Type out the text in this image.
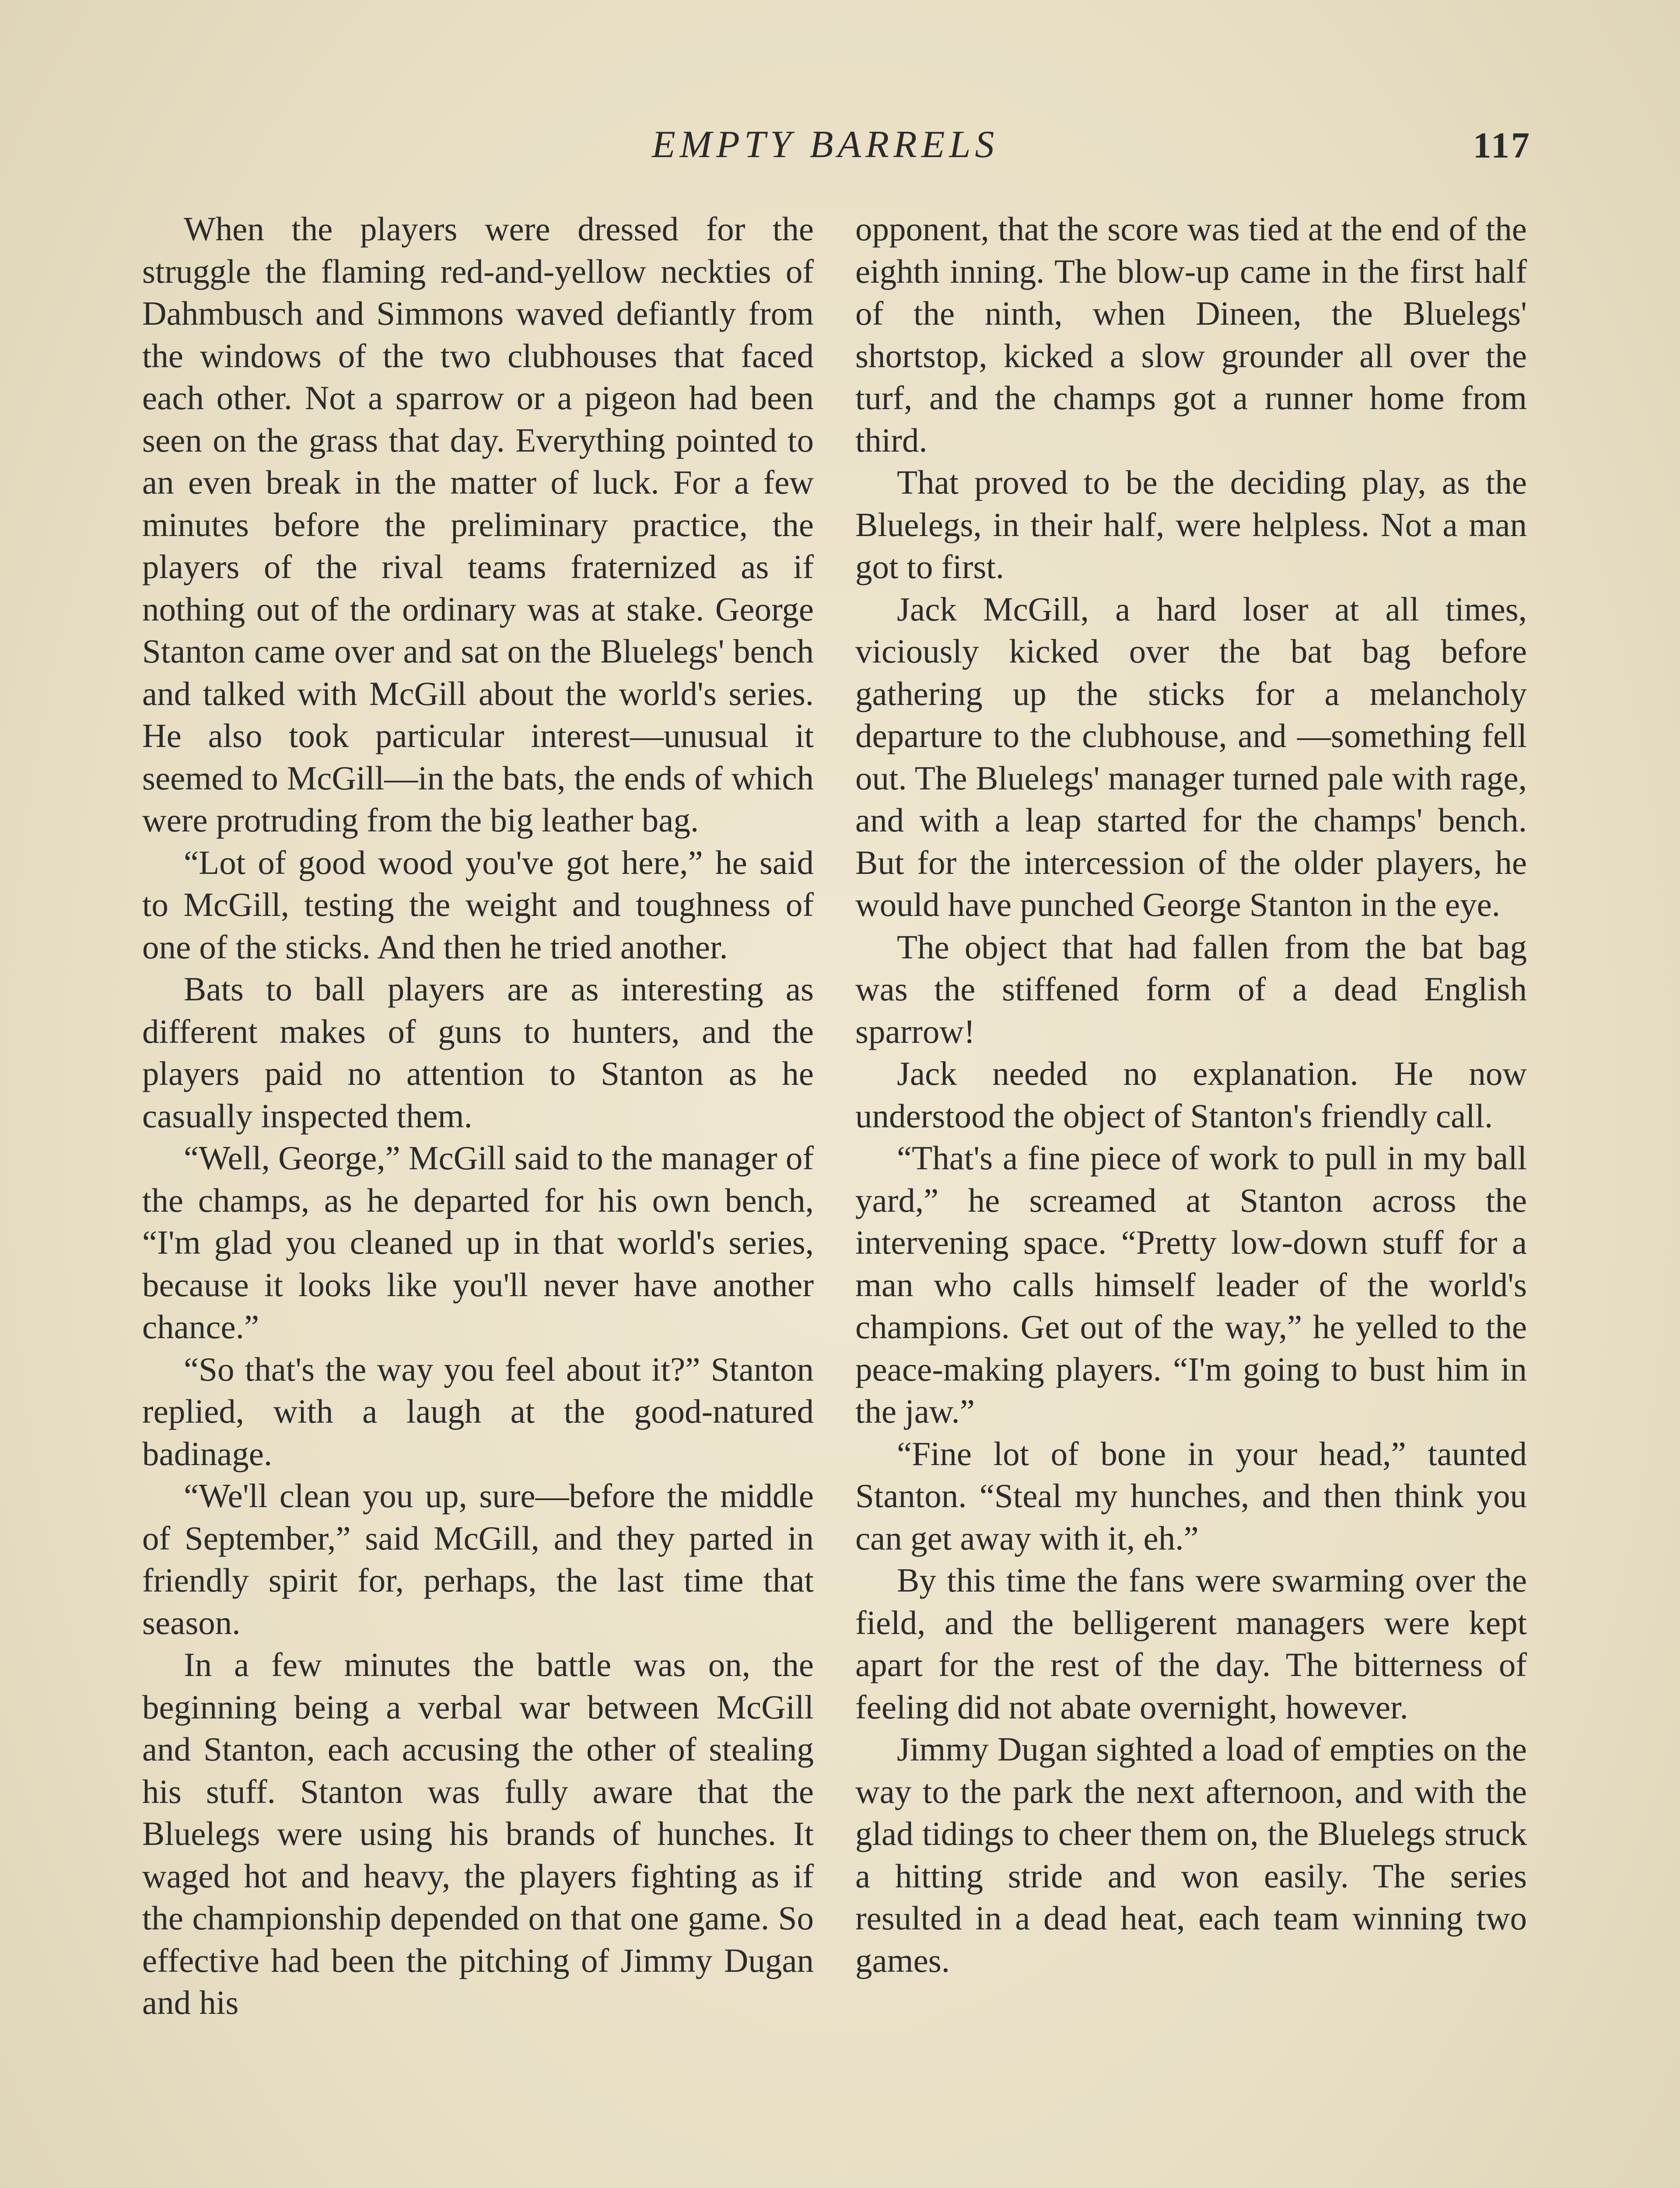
EMPTY BARRELS	117

When the players were dressed for the struggle the flaming red-and-yellow neckties of Dahmbusch and Simmons waved defiantly from the windows of the two clubhouses that faced each other. Not a sparrow or a pigeon had been seen on the grass that day. Everything pointed to an even break in the matter of luck. For a few minutes before the preliminary practice, the players of the rival teams fraternized as if nothing out of the ordinary was at stake. George Stanton came over and sat on the Bluelegs' bench and talked with McGill about the world's series. He also took particular interest—unusual it seemed to McGill—in the bats, the ends of which were protruding from the big leather bag.

“Lot of good wood you've got here,” he said to McGill, testing the weight and toughness of one of the sticks. And then he tried another.

Bats to ball players are as interesting as different makes of guns to hunters, and the players paid no attention to Stanton as he casually inspected them.

“Well, George,” McGill said to the manager of the champs, as he departed for his own bench, “I'm glad you cleaned up in that world's series, because it looks like you'll never have another chance.”

“So that's the way you feel about it?” Stanton replied, with a laugh at the good-natured badinage.

“We'll clean you up, sure—before the middle of September,” said McGill, and they parted in friendly spirit for, perhaps, the last time that season.

In a few minutes the battle was on, the beginning being a verbal war between McGill and Stanton, each accusing the other of stealing his stuff. Stanton was fully aware that the Bluelegs were using his brands of hunches. It waged hot and heavy, the players fighting as if the championship depended on that one game. So effective had been the pitching of Jimmy Dugan and his

opponent, that the score was tied at the end of the eighth inning. The blow-up came in the first half of the ninth, when Dineen, the Bluelegs' shortstop, kicked a slow grounder all over the turf, and the champs got a runner home from third.

That proved to be the deciding play, as the Bluelegs, in their half, were helpless. Not a man got to first.

Jack McGill, a hard loser at all times, viciously kicked over the bat bag before gathering up the sticks for a melancholy departure to the clubhouse, and —something fell out. The Bluelegs' manager turned pale with rage, and with a leap started for the champs' bench. But for the intercession of the older players, he would have punched George Stanton in the eye.

The object that had fallen from the bat bag was the stiffened form of a dead English sparrow!

Jack needed no explanation. He now understood the object of Stanton's friendly call.

“That's a fine piece of work to pull in my ball yard,” he screamed at Stanton across the intervening space. “Pretty low-down stuff for a man who calls himself leader of the world's champions. Get out of the way,” he yelled to the peace-making players. “I'm going to bust him in the jaw.”

“Fine lot of bone in your head,” taunted Stanton. “Steal my hunches, and then think you can get away with it, eh.”

By this time the fans were swarming over the field, and the belligerent managers were kept apart for the rest of the day. The bitterness of feeling did not abate overnight, however.

Jimmy Dugan sighted a load of empties on the way to the park the next afternoon, and with the glad tidings to cheer them on, the Bluelegs struck a hitting stride and won easily. The series resulted in a dead heat, each team winning two games.
